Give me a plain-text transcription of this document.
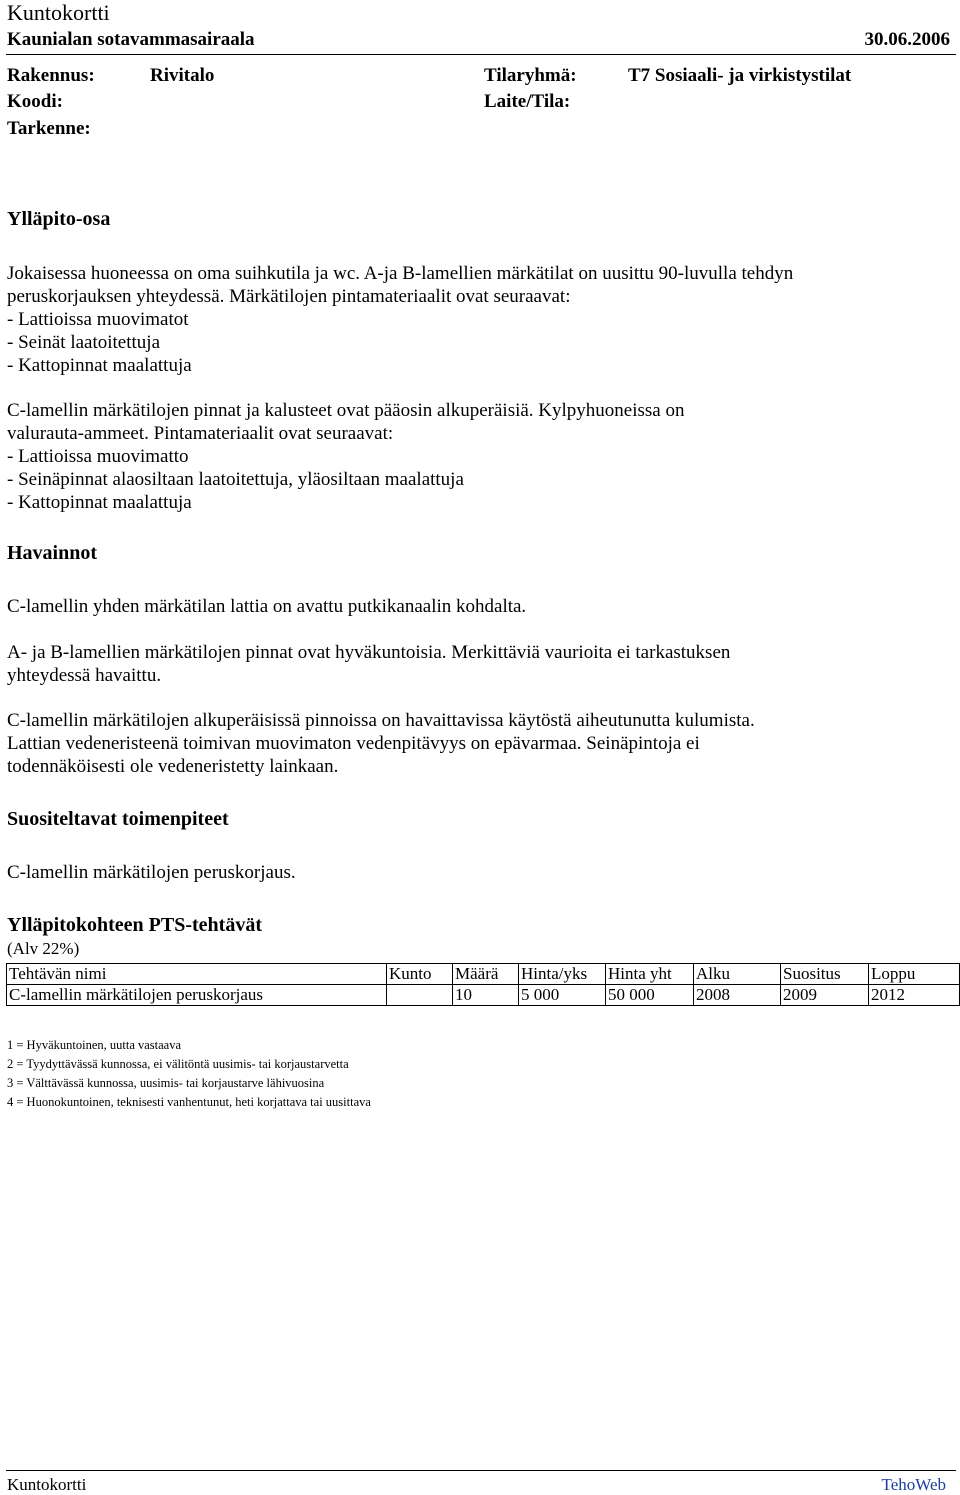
Kuntokortti
Kaunialan sotavammasairaala	30.06.2006
Rakennus:	Rivitalo	Tilaryhmä:	T7 Sosiaali- ja virkistystilat
Koodi:	Laite/Tila:
Tarkenne:
Ylläpito-osa
Jokaisessa huoneessa on oma suihkutila ja wc. A-ja B-lamellien märkätilat on uusittu 90-luvulla tehdyn
peruskorjauksen yhteydessä. Märkätilojen pintamateriaalit ovat seuraavat:
- Lattioissa muovimatot
- Seinät laatoitettuja
- Kattopinnat maalattuja
C-lamellin märkätilojen pinnat ja kalusteet ovat pääosin alkuperäisiä. Kylpyhuoneissa on
valurauta-ammeet. Pintamateriaalit ovat seuraavat:
- Lattioissa muovimatto
- Seinäpinnat alaosiltaan laatoitettuja, yläosiltaan maalattuja
- Kattopinnat maalattuja
Havainnot
C-lamellin yhden märkätilan lattia on avattu putkikanaalin kohdalta.
A- ja B-lamellien märkätilojen pinnat ovat hyväkuntoisia. Merkittäviä vaurioita ei tarkastuksen
yhteydessä havaittu.
C-lamellin märkätilojen alkuperäisissä pinnoissa on havaittavissa käytöstä aiheutunutta kulumista.
Lattian vedeneristeenä toimivan muovimaton vedenpitävyys on epävarmaa. Seinäpintoja ei
todennäköisesti ole vedeneristetty lainkaan.
Suositeltavat toimenpiteet
C-lamellin märkätilojen peruskorjaus.
Ylläpitokohteen PTS-tehtävät
(Alv 22%)
Tehtävän nimi	Kunto	Määrä	Hinta/yks	Hinta yht	Alku	Suositus	Loppu
C-lamellin märkätilojen peruskorjaus		10	5 000	50 000	2008	2009	2012
1 = Hyväkuntoinen, uutta vastaava
2 = Tyydyttävässä kunnossa, ei välitöntä uusimis- tai korjaustarvetta
3 = Välttävässä kunnossa, uusimis- tai korjaustarve lähivuosina
4 = Huonokuntoinen, teknisesti vanhentunut, heti korjattava tai uusittava
Kuntokortti	TehoWeb
